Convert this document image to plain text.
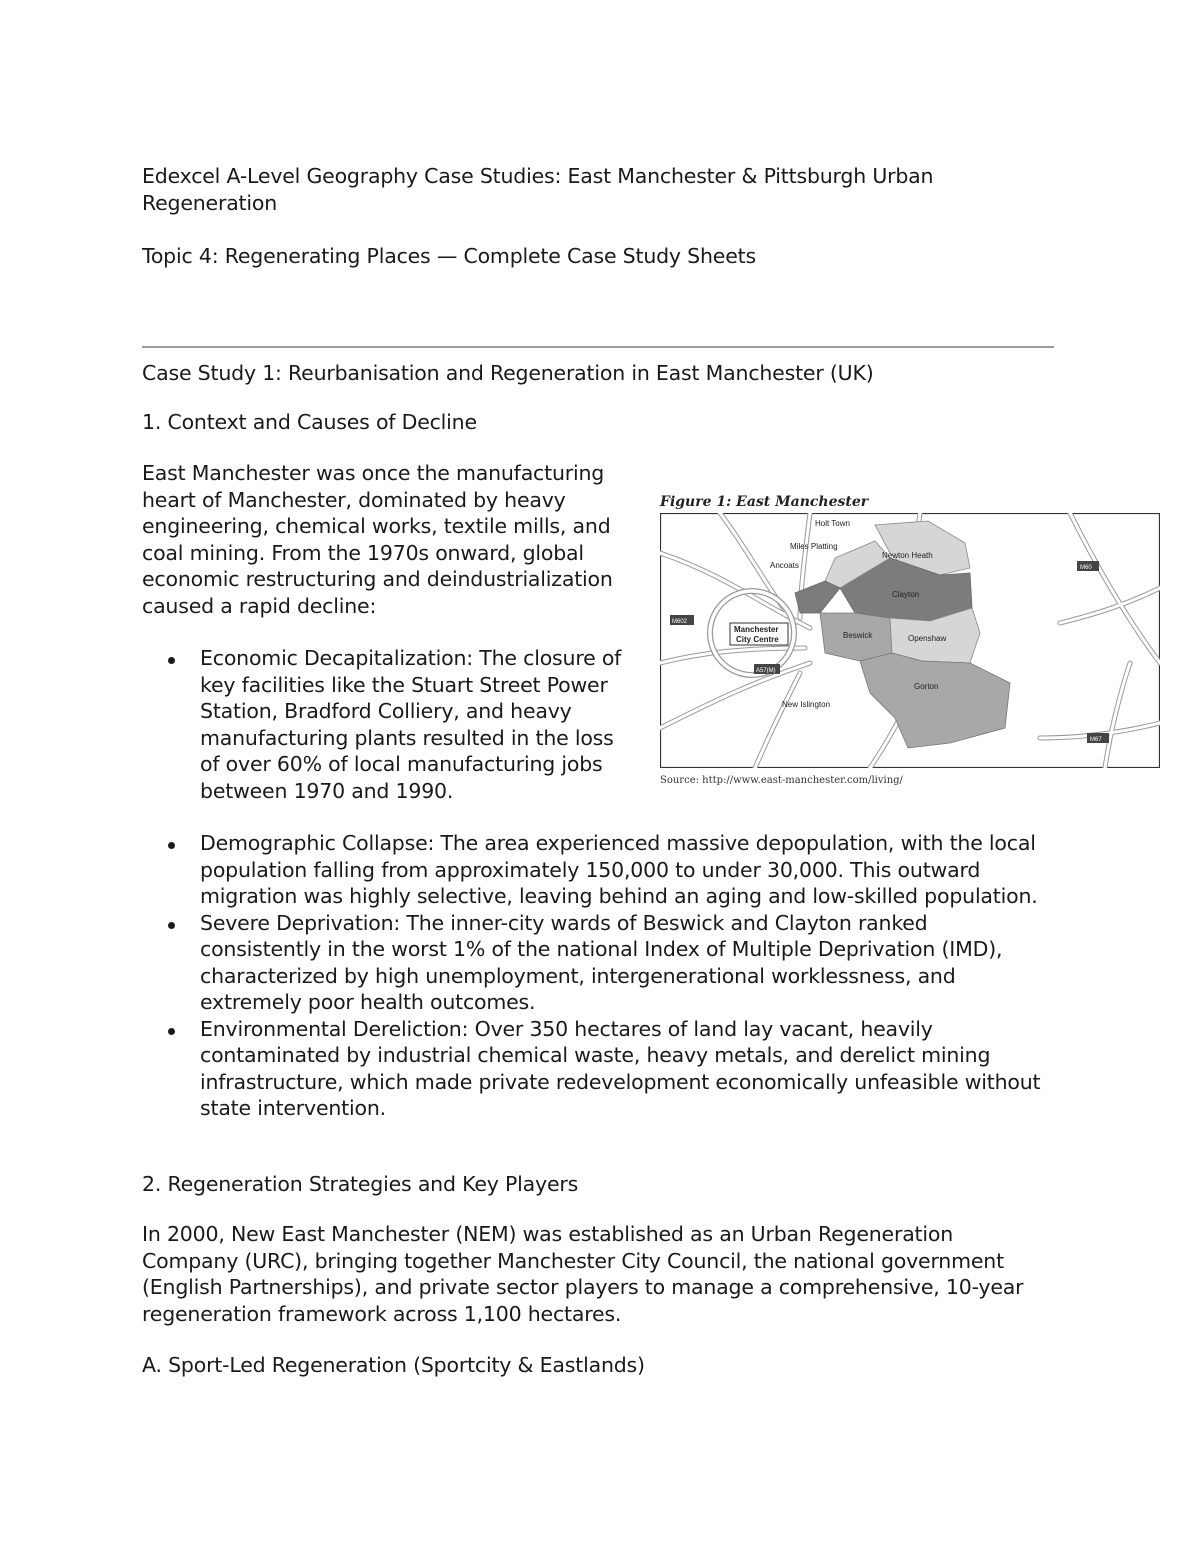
Edexcel A-Level Geography Case Studies: East Manchester & Pittsburgh Urban Regeneration

Topic 4: Regenerating Places — Complete Case Study Sheets

Case Study 1: Reurbanisation and Regeneration in East Manchester (UK)

1. Context and Causes of Decline

East Manchester was once the manufacturing heart of Manchester, dominated by heavy engineering, chemical works, textile mills, and coal mining. From the 1970s onward, global economic restructuring and deindustrialization caused a rapid decline:

Economic Decapitalization: The closure of key facilities like the Stuart Street Power Station, Bradford Colliery, and heavy manufacturing plants resulted in the loss of over 60% of local manufacturing jobs between 1970 and 1990.
Demographic Collapse: The area experienced massive depopulation, with the local population falling from approximately 150,000 to under 30,000. This outward migration was highly selective, leaving behind an aging and low-skilled population.
Severe Deprivation: The inner-city wards of Beswick and Clayton ranked consistently in the worst 1% of the national Index of Multiple Deprivation (IMD), characterized by high unemployment, intergenerational worklessness, and extremely poor health outcomes.
Environmental Dereliction: Over 350 hectares of land lay vacant, heavily contaminated by industrial chemical waste, heavy metals, and derelict mining infrastructure, which made private redevelopment economically unfeasible without state intervention.

2. Regeneration Strategies and Key Players

In 2000, New East Manchester (NEM) was established as an Urban Regeneration Company (URC), bringing together Manchester City Council, the national government (English Partnerships), and private sector players to manage a comprehensive, 10-year regeneration framework across 1,100 hectares.

A. Sport-Led Regeneration (Sportcity & Eastlands)

Figure 1: East Manchester
Holt Town
Miles Platting
Ancoats
Newton Heath
Clayton
Manchester
City Centre	Beswick	Openshaw
Gorton
New Islington
M60
M602
A57(M)
M67
Source: http://www.east-manchester.com/living/
